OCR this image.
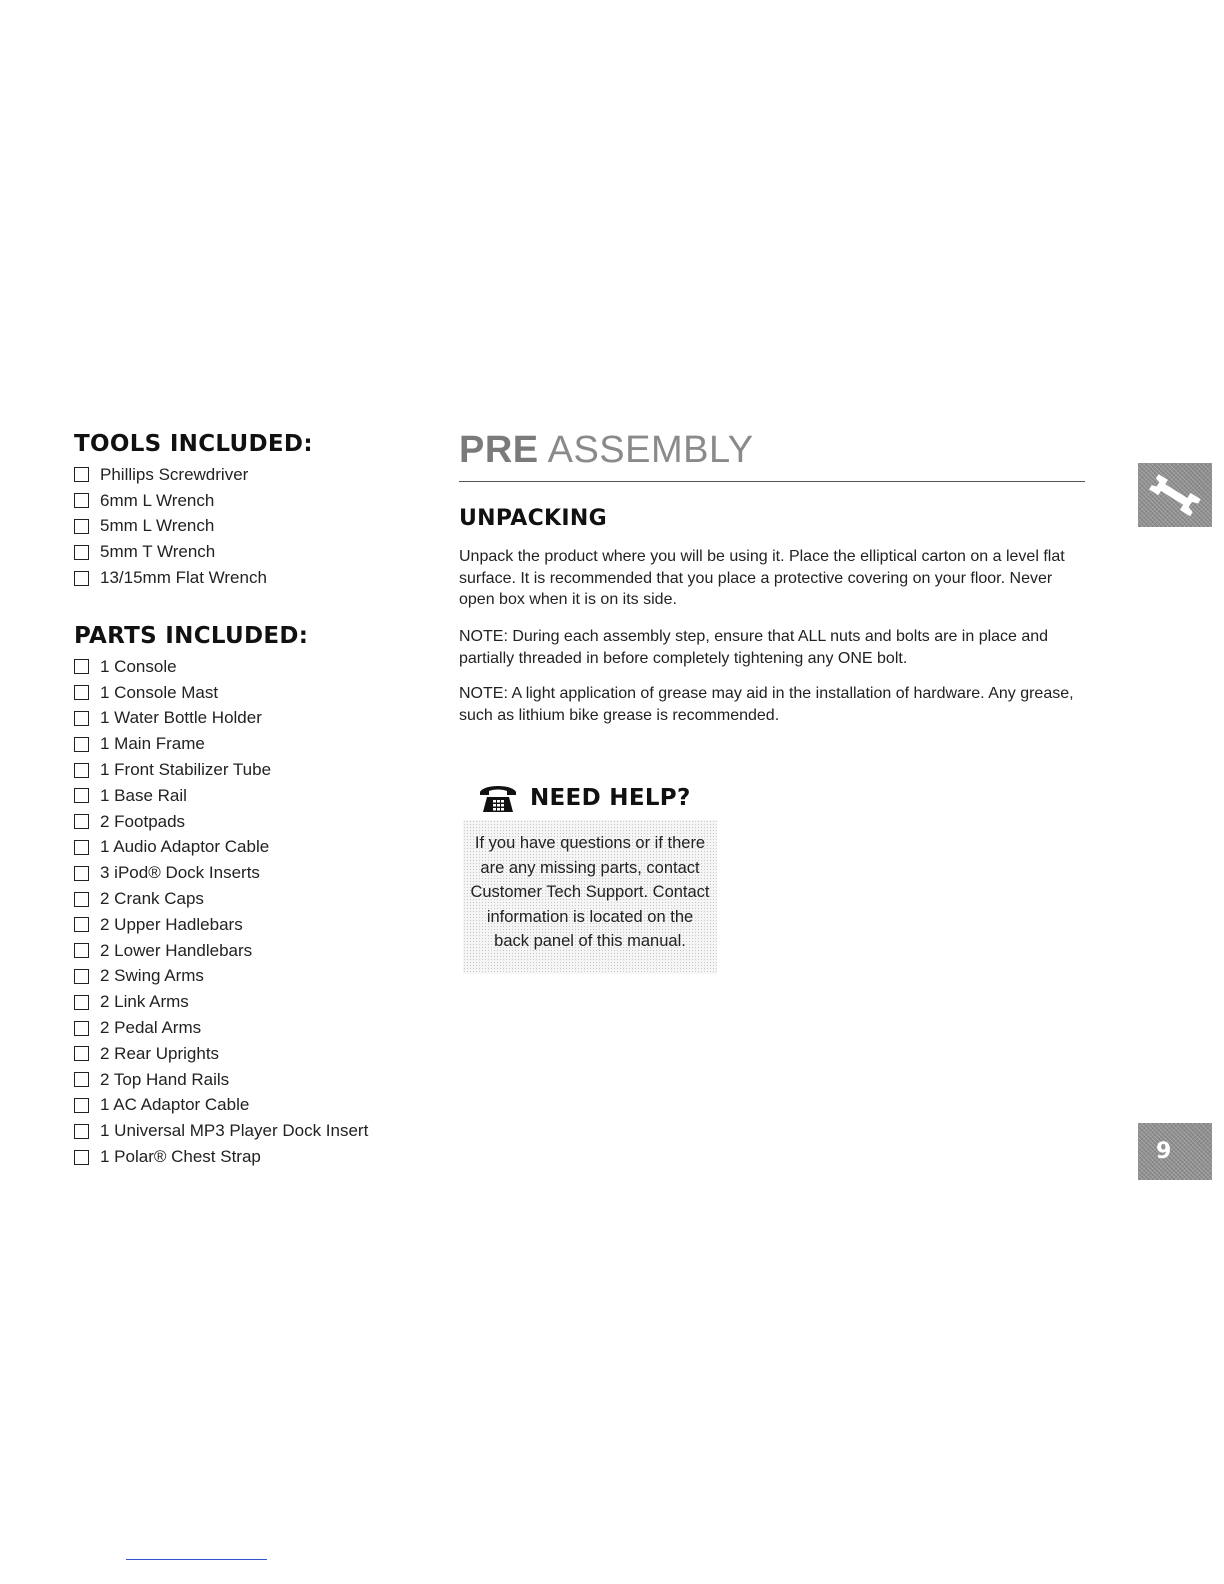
TOOLS INCLUDED:
Phillips Screwdriver
6mm L Wrench
5mm L Wrench
5mm T Wrench
13/15mm Flat Wrench
PARTS INCLUDED:
1 Console
1 Console Mast
1 Water Bottle Holder
1 Main Frame
1 Front Stabilizer Tube
1 Base Rail
2 Footpads
1 Audio Adaptor Cable
3 iPod® Dock Inserts
2 Crank Caps
2 Upper Hadlebars
2 Lower Handlebars
2 Swing Arms
2 Link Arms
2 Pedal Arms
2 Rear Uprights
2 Top Hand Rails
1 AC Adaptor Cable
1 Universal MP3 Player Dock Insert
1 Polar® Chest Strap
PRE ASSEMBLY
UNPACKING

Unpack the product where you will be using it. Place the elliptical carton on a level flat surface. It is recommended that you place a protective covering on your floor. Never open box when it is on its side.

NOTE: During each assembly step, ensure that ALL nuts and bolts are in place and partially threaded in before completely tightening any ONE bolt.

NOTE: A light application of grease may aid in the installation of hardware. Any grease, such as lithium bike grease is recommended.

NEED HELP?

If you have questions or if there are any missing parts, contact Customer Tech Support. Contact information is located on the back panel of this manual.

9
